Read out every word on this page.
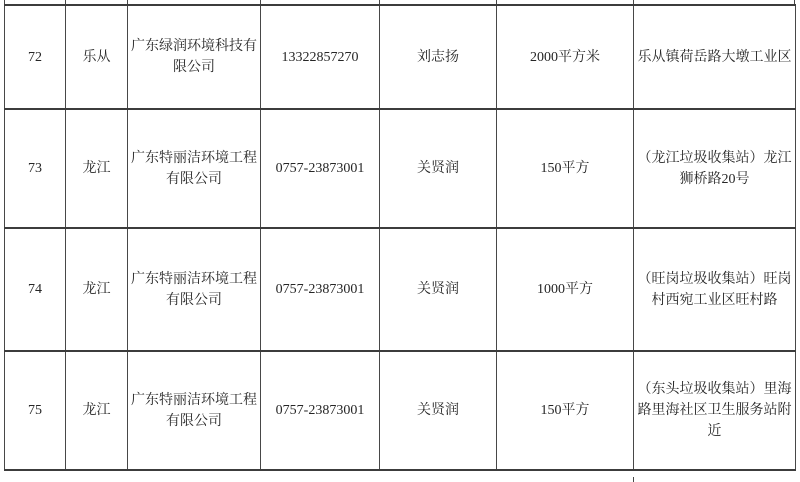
72	乐从	广东绿润环境科技有限公司	13322857270	刘志扬	2000平方米	乐从镇荷岳路大墩工业区
73	龙江	广东特丽洁环境工程有限公司	0757-23873001	关贤润	150平方	（龙江垃圾收集站）龙江狮桥路20号
74	龙江	广东特丽洁环境工程有限公司	0757-23873001	关贤润	1000平方	（旺岗垃圾收集站）旺岗村西宛工业区旺村路
75	龙江	广东特丽洁环境工程有限公司	0757-23873001	关贤润	150平方	（东头垃圾收集站）里海路里海社区卫生服务站附近
